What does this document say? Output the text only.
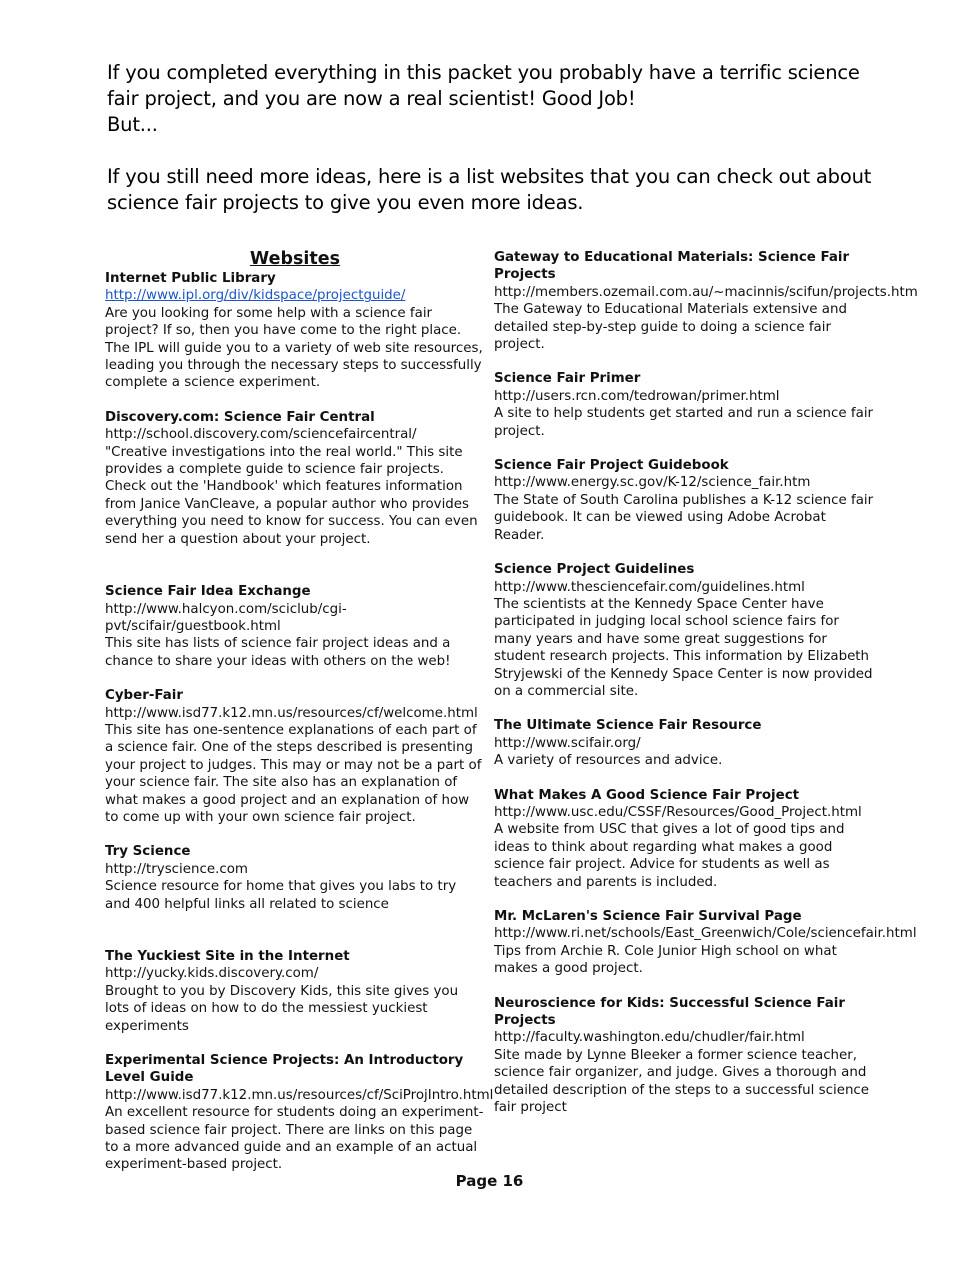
If you completed everything in this packet you probably have a terrific science

fair project, and you are now a real scientist! Good Job!

But...

If you still need more ideas, here is a list websites that you can check out about

science fair projects to give you even more ideas.

Websites
Internet Public Library
http://www.ipl.org/div/kidspace/projectguide/
Are you looking for some help with a science fair project? If so, then you have come to the right place. The IPL will guide you to a variety of web site resources, leading you through the necessary steps to successfully complete a science experiment.
Discovery.com: Science Fair Central
http://school.discovery.com/sciencefaircentral/
"Creative investigations into the real world." This site provides a complete guide to science fair projects. Check out the 'Handbook' which features information from Janice VanCleave, a popular author who provides everything you need to know for success. You can even send her a question about your project.
Science Fair Idea Exchange
http://www.halcyon.com/sciclub/cgi-pvt/scifair/guestbook.html
This site has lists of science fair project ideas and a chance to share your ideas with others on the web!
Cyber-Fair
http://www.isd77.k12.mn.us/resources/cf/welcome.html
This site has one-sentence explanations of each part of a science fair. One of the steps described is presenting your project to judges. This may or may not be a part of your science fair. The site also has an explanation of what makes a good project and an explanation of how to come up with your own science fair project.
Try Science
http://tryscience.com
Science resource for home that gives you labs to try and 400 helpful links all related to science
The Yuckiest Site in the Internet
http://yucky.kids.discovery.com/
Brought to you by Discovery Kids, this site gives you lots of ideas on how to do the messiest yuckiest experiments
Experimental Science Projects: An Introductory Level Guide
http://www.isd77.k12.mn.us/resources/cf/SciProjIntro.html
An excellent resource for students doing an experiment-based science fair project. There are links on this page to a more advanced guide and an example of an actual experiment-based project.
Gateway to Educational Materials: Science Fair Projects
http://members.ozemail.com.au/~macinnis/scifun/projects.htm
The Gateway to Educational Materials extensive and detailed step-by-step guide to doing a science fair project.
Science Fair Primer
http://users.rcn.com/tedrowan/primer.html
A site to help students get started and run a science fair project.
Science Fair Project Guidebook
http://www.energy.sc.gov/K-12/science_fair.htm
The State of South Carolina publishes a K-12 science fair guidebook. It can be viewed using Adobe Acrobat Reader.
Science Project Guidelines
http://www.thesciencefair.com/guidelines.html
The scientists at the Kennedy Space Center have participated in judging local school science fairs for many years and have some great suggestions for student research projects. This information by Elizabeth Stryjewski of the Kennedy Space Center is now provided on a commercial site.
The Ultimate Science Fair Resource
http://www.scifair.org/
A variety of resources and advice.
What Makes A Good Science Fair Project
http://www.usc.edu/CSSF/Resources/Good_Project.html
A website from USC that gives a lot of good tips and ideas to think about regarding what makes a good science fair project. Advice for students as well as teachers and parents is included.
Mr. McLaren's Science Fair Survival Page
http://www.ri.net/schools/East_Greenwich/Cole/sciencefair.html
Tips from Archie R. Cole Junior High school on what makes a good project.
Neuroscience for Kids: Successful Science Fair Projects
http://faculty.washington.edu/chudler/fair.html
Site made by Lynne Bleeker a former science teacher, science fair organizer, and judge. Gives a thorough and detailed description of the steps to a successful science fair project
Page 16
